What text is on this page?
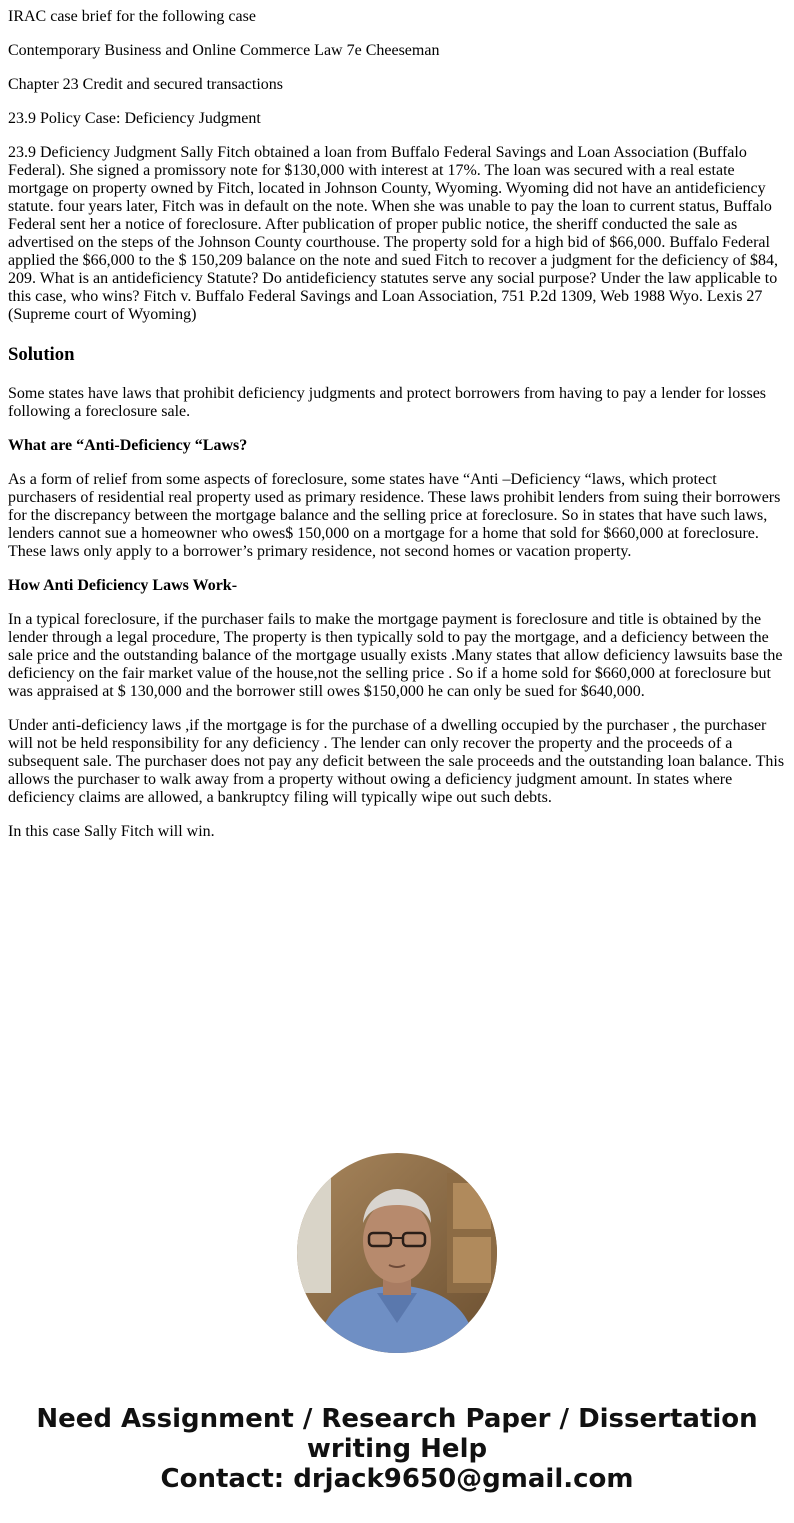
IRAC case brief for the following case

Contemporary Business and Online Commerce Law 7e Cheeseman

Chapter 23 Credit and secured transactions

23.9 Policy Case: Deficiency Judgment

23.9 Deficiency Judgment Sally Fitch obtained a loan from Buffalo Federal Savings and Loan Association (Buffalo Federal). She signed a promissory note for $130,000 with interest at 17%. The loan was secured with a real estate mortgage on property owned by Fitch, located in Johnson County, Wyoming. Wyoming did not have an antideficiency statute. four years later, Fitch was in default on the note. When she was unable to pay the loan to current status, Buffalo Federal sent her a notice of foreclosure. After publication of proper public notice, the sheriff conducted the sale as advertised on the steps of the Johnson County courthouse. The property sold for a high bid of $66,000. Buffalo Federal applied the $66,000 to the $ 150,209 balance on the note and sued Fitch to recover a judgment for the deficiency of $84, 209. What is an antideficiency Statute? Do antideficiency statutes serve any social purpose? Under the law applicable to this case, who wins? Fitch v. Buffalo Federal Savings and Loan Association, 751 P.2d 1309, Web 1988 Wyo. Lexis 27 (Supreme court of Wyoming)

Solution

Some states have laws that prohibit deficiency judgments and protect borrowers from having to pay a lender for losses following a foreclosure sale.

What are “Anti-Deficiency “Laws?

As a form of relief from some aspects of foreclosure, some states have “Anti –Deficiency “laws, which protect purchasers of residential real property used as primary residence. These laws prohibit lenders from suing their borrowers for the discrepancy between the mortgage balance and the selling price at foreclosure. So in states that have such laws, lenders cannot sue a homeowner who owes$ 150,000 on a mortgage for a home that sold for $660,000 at foreclosure. These laws only apply to a borrower’s primary residence, not second homes or vacation property.

How Anti Deficiency Laws Work-

In a typical foreclosure, if the purchaser fails to make the mortgage payment is foreclosure and title is obtained by the lender through a legal procedure, The property is then typically sold to pay the mortgage, and a deficiency between the sale price and the outstanding balance of the mortgage usually exists .Many states that allow deficiency lawsuits base the deficiency on the fair market value of the house,not the selling price . So if a home sold for $660,000 at foreclosure but was appraised at $ 130,000 and the borrower still owes $150,000 he can only be sued for $640,000.

Under anti-deficiency laws ,if the mortgage is for the purchase of a dwelling occupied by the purchaser , the purchaser will not be held responsibility for any deficiency . The lender can only recover the property and the proceeds of a subsequent sale. The purchaser does not pay any deficit between the sale proceeds and the outstanding loan balance. This allows the purchaser to walk away from a property without owing a deficiency judgment amount. In states where deficiency claims are allowed, a bankruptcy filing will typically wipe out such debts.

In this case Sally Fitch will win.

Need Assignment / Research Paper / Dissertation
writing Help
Contact: drjack9650@gmail.com
